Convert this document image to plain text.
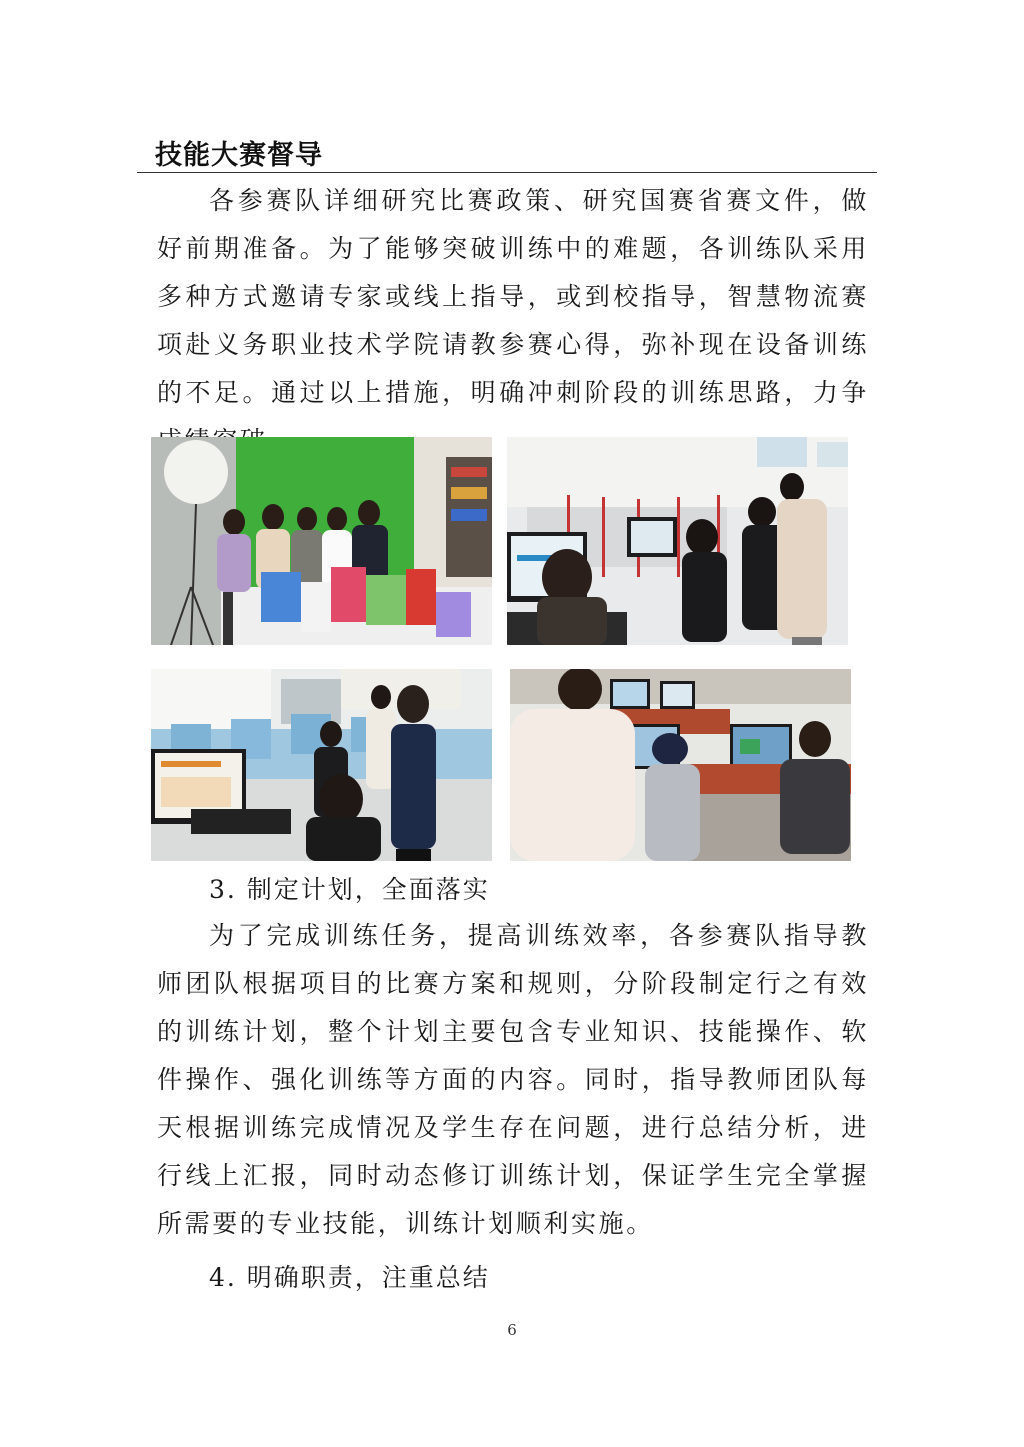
技能大赛督导

各参赛队详细研究比赛政策、研究国赛省赛文件，做好前期准备。为了能够突破训练中的难题，各训练队采用多种方式邀请专家或线上指导，或到校指导，智慧物流赛项赴义务职业技术学院请教参赛心得，弥补现在设备训练的不足。通过以上措施，明确冲刺阶段的训练思路，力争

3. 制定计划，全面落实

为了完成训练任务，提高训练效率，各参赛队指导教师团队根据项目的比赛方案和规则，分阶段制定行之有效的训练计划，整个计划主要包含专业知识、技能操作、软件操作、强化训练等方面的内容。同时，指导教师团队每天根据训练完成情况及学生存在问题，进行总结分析，进行线上汇报，同时动态修订训练计划，保证学生完全掌握所需要的专业技能，训练计划顺利实施。

4. 明确职责，注重总结

6
